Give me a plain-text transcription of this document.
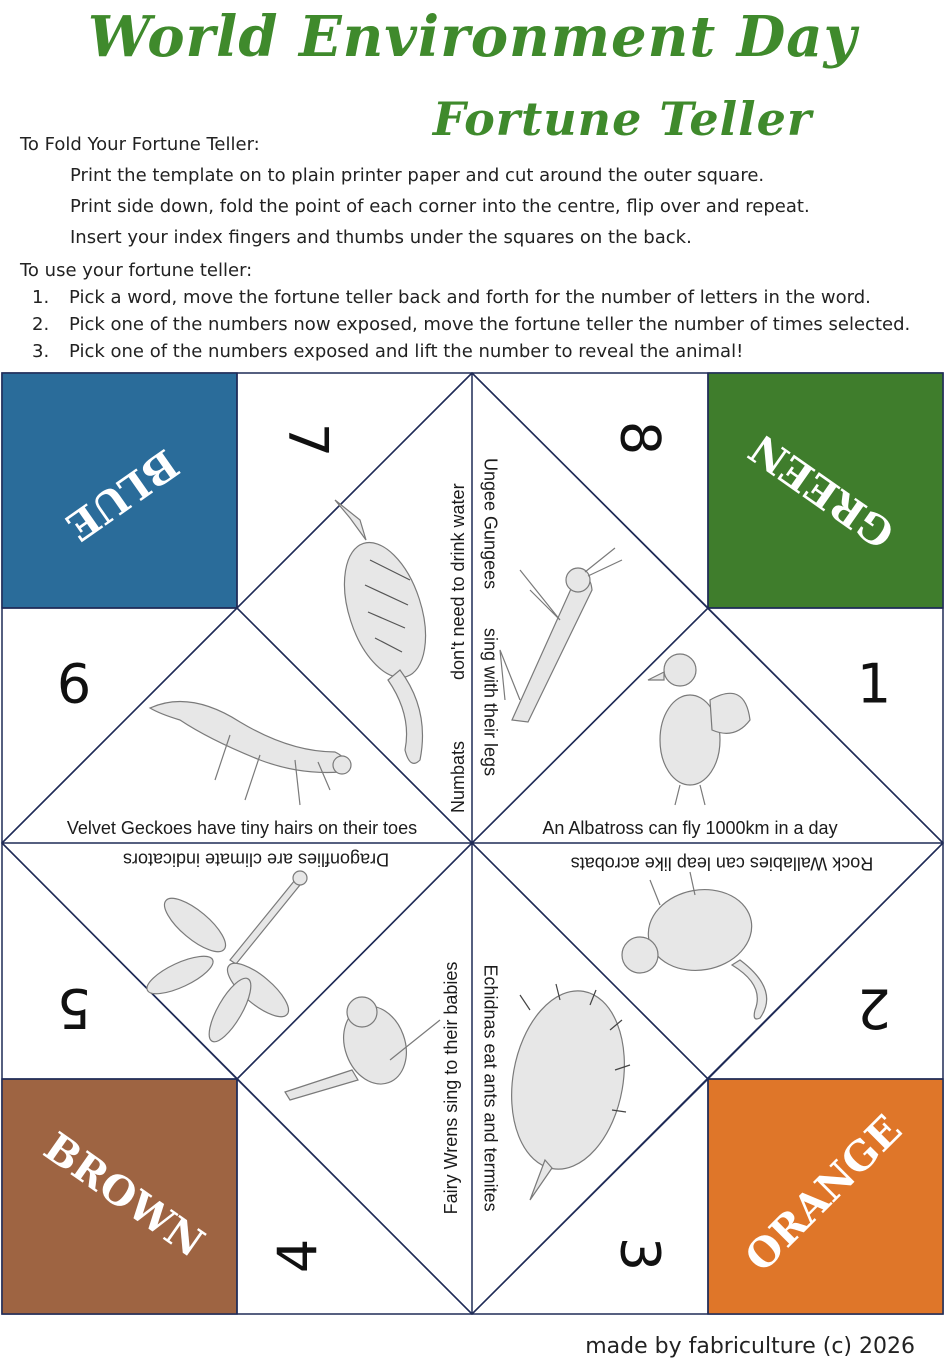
World Environment Day
Fortune Teller
To Fold Your Fortune Teller:
Print the template on to plain printer paper and cut around the outer square.
Print side down, fold the point of each corner into the centre, flip over and repeat.
Insert your index fingers and thumbs under the squares on the back.
To use your fortune teller:
1. Pick a word, move the fortune teller back and forth for the number of letters in the word.
2. Pick one of the numbers now exposed, move the fortune teller the number of times selected.
3. Pick one of the numbers exposed and lift the number to reveal the animal!
BLUE	GREEN
BROWN	ORANGE
1
2
3
4
5
6
7	8
Velvet Geckoes have tiny hairs on their toes	An Albatross can fly 1000km in a day
Dragonflies are climate indicators	Rock Wallabies can leap like acrobats
Numbats
don't need to drink water Ungee Gungees
sing with their legs
Fairy Wrens sing to their babies Echidnas eat ants and termites
made by fabriculture (c) 2026
